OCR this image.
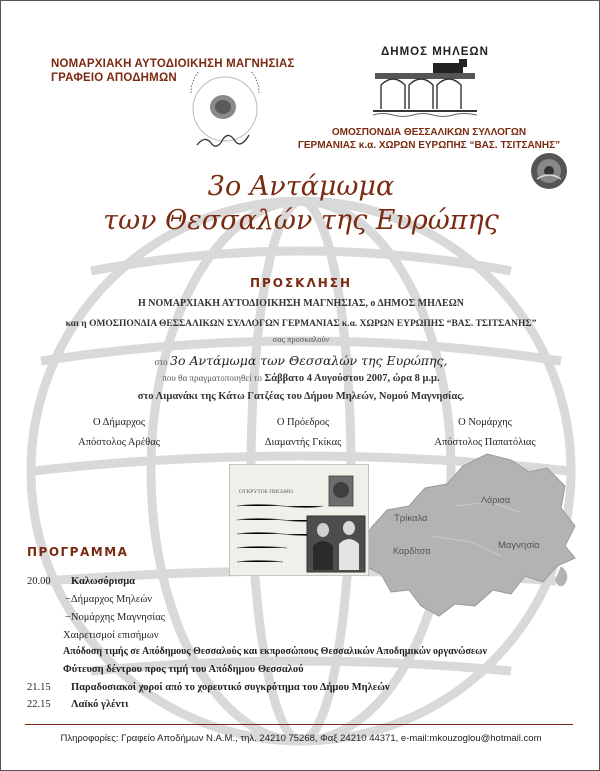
ΝΟΜΑΡΧΙΑΚΗ ΑΥΤΟΔΙΟΙΚΗΣΗ ΜΑΓΝΗΣΙΑΣ
ΓΡΑΦΕΙΟ ΑΠΟΔΗΜΩΝ
ΔΗΜΟΣ ΜΗΛΕΩΝ
ΟΜΟΣΠΟΝΔΙΑ ΘΕΣΣΑΛΙΚΩΝ ΣΥΛΛΟΓΩΝ
ΓΕΡΜΑΝΙΑΣ κ.α. ΧΩΡΩΝ ΕΥΡΩΠΗΣ “ΒΑΣ. ΤΣΙΤΣΑΝΗΣ”
3ο Αντάμωμα
των Θεσσαλών της Ευρώπης
ΠΡΟΣΚΛΗΣΗ
Η ΝΟΜΑΡΧΙΑΚΗ ΑΥΤΟΔΙΟΙΚΗΣΗ ΜΑΓΝΗΣΙΑΣ, ο ΔΗΜΟΣ ΜΗΛΕΩΝ
και η ΟΜΟΣΠΟΝΔΙΑ ΘΕΣΣΑΛΙΚΩΝ ΣΥΛΛΟΓΩΝ ΓΕΡΜΑΝΙΑΣ κ.α. ΧΩΡΩΝ ΕΥΡΩΠΗΣ “ΒΑΣ. ΤΣΙΤΣΑΝΗΣ”
σας προσκαλούν
στο 3ο Αντάμωμα των Θεσσαλών της Ευρώπης,
που θα πραγματοποιηθεί το Σάββατο 4 Αυγούστου 2007, ώρα 8 μ.μ.
στο Λιμανάκι της Κάτω Γατζέας του Δήμου Μηλεών, Νομού Μαγνησίας.
Ο Δήμαρχος
Απόστολος Αρέθας
Ο Πρόεδρος
Διαμαντής Γκίκας
Ο Νομάρχης
Απόστολος Παπατόλιας
Λάρισα
Τρίκαλα
Καρδίτσα	Μαγνησία
ΟΤΚΡΥΤΟΕ ПИСЬМО.
ΠΡΟΓΡΑΜΜΑ
20.00 Καλωσόρισμα
−Δήμαρχος Μηλεών
−Νομάρχης Μαγνησίας
Χαιρετισμοί επισήμων
Απόδοση τιμής σε Απόδημους Θεσσαλούς και εκπροσώπους Θεσσαλικών Αποδημικών οργανώσεων
Φύτευση δέντρου προς τιμή του Απόδημου Θεσσαλού
21.15 Παραδοσιακοί χοροί από το χορευτικό συγκρότημα του Δήμου Μηλεών
22.15 Λαϊκό γλέντι
Πληροφορίες: Γραφείο Αποδήμων Ν.Α.Μ., τηλ. 24210 75268, Φαξ 24210 44371, e-mail:mkouzoglou@hotmail.com
